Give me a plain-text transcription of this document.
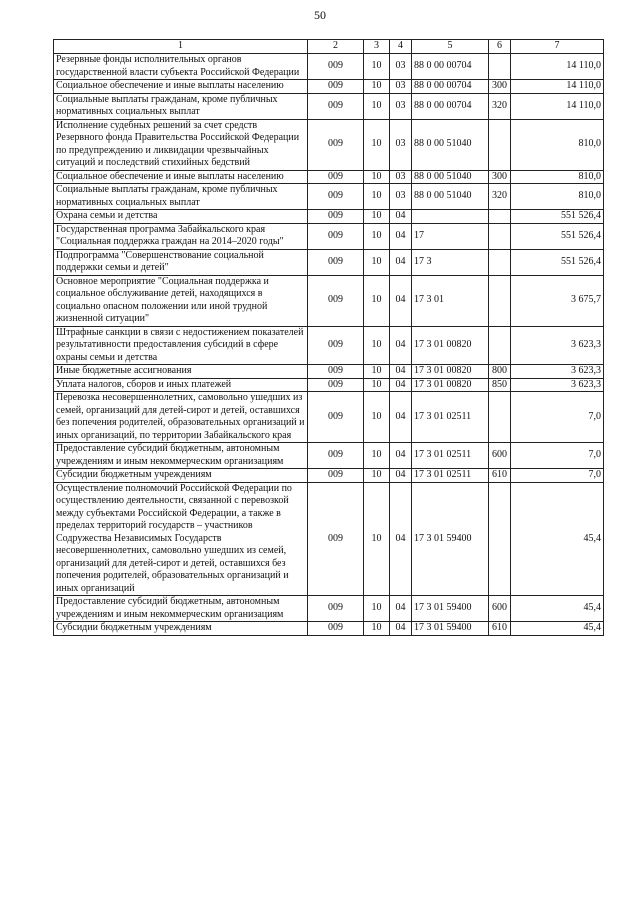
50
1	2	3	4	5	6	7
Резервные фонды исполнительных органов государственной власти субъекта Российской Федерации	009	10	03	88 0 00 00704		14 110,0
Социальное обеспечение и иные выплаты населению	009	10	03	88 0 00 00704	300	14 110,0
Социальные выплаты гражданам, кроме публичных нормативных социальных выплат	009	10	03	88 0 00 00704	320	14 110,0
Исполнение судебных решений за счет средств Резервного фонда Правительства Российской Федерации по предупреждению и ликвидации чрезвычайных ситуаций и последствий стихийных бедствий	009	10	03	88 0 00 51040		810,0
Социальное обеспечение и иные выплаты населению	009	10	03	88 0 00 51040	300	810,0
Социальные выплаты гражданам, кроме публичных нормативных социальных выплат	009	10	03	88 0 00 51040	320	810,0
Охрана семьи и детства	009	10	04			551 526,4
Государственная программа Забайкальского края "Социальная поддержка граждан на 2014–2020 годы"	009	10	04	17		551 526,4
Подпрограмма "Совершенствование социальной поддержки семьи и детей"	009	10	04	17 3		551 526,4
Основное мероприятие "Социальная поддержка и социальное обслуживание детей, находящихся в социально опасном положении или иной трудной жизненной ситуации"	009	10	04	17 3 01		3 675,7
Штрафные санкции в связи с недостижением показателей результативности предоставления субсидий в сфере охраны семьи и детства	009	10	04	17 3 01 00820		3 623,3
Иные бюджетные ассигнования	009	10	04	17 3 01 00820	800	3 623,3
Уплата налогов, сборов и иных платежей	009	10	04	17 3 01 00820	850	3 623,3
Перевозка несовершеннолетних, самовольно ушедших из семей, организаций для детей-сирот и детей, оставшихся без попечения родителей, образовательных организаций и иных организаций, по территории Забайкальского края	009	10	04	17 3 01 02511		7,0
Предоставление субсидий бюджетным, автономным учреждениям и иным некоммерческим организациям	009	10	04	17 3 01 02511	600	7,0
Субсидии бюджетным учреждениям	009	10	04	17 3 01 02511	610	7,0
Осуществление полномочий Российской Федерации по осуществлению деятельности, связанной с перевозкой между субъектами Российской Федерации, а также в пределах территорий государств – участников Содружества Независимых Государств несовершеннолетних, самовольно ушедших из семей, организаций для детей-сирот и детей, оставшихся без попечения родителей, образовательных организаций и иных организаций	009	10	04	17 3 01 59400		45,4
Предоставление субсидий бюджетным, автономным учреждениям и иным некоммерческим организациям	009	10	04	17 3 01 59400	600	45,4
Субсидии бюджетным учреждениям	009	10	04	17 3 01 59400	610	45,4
